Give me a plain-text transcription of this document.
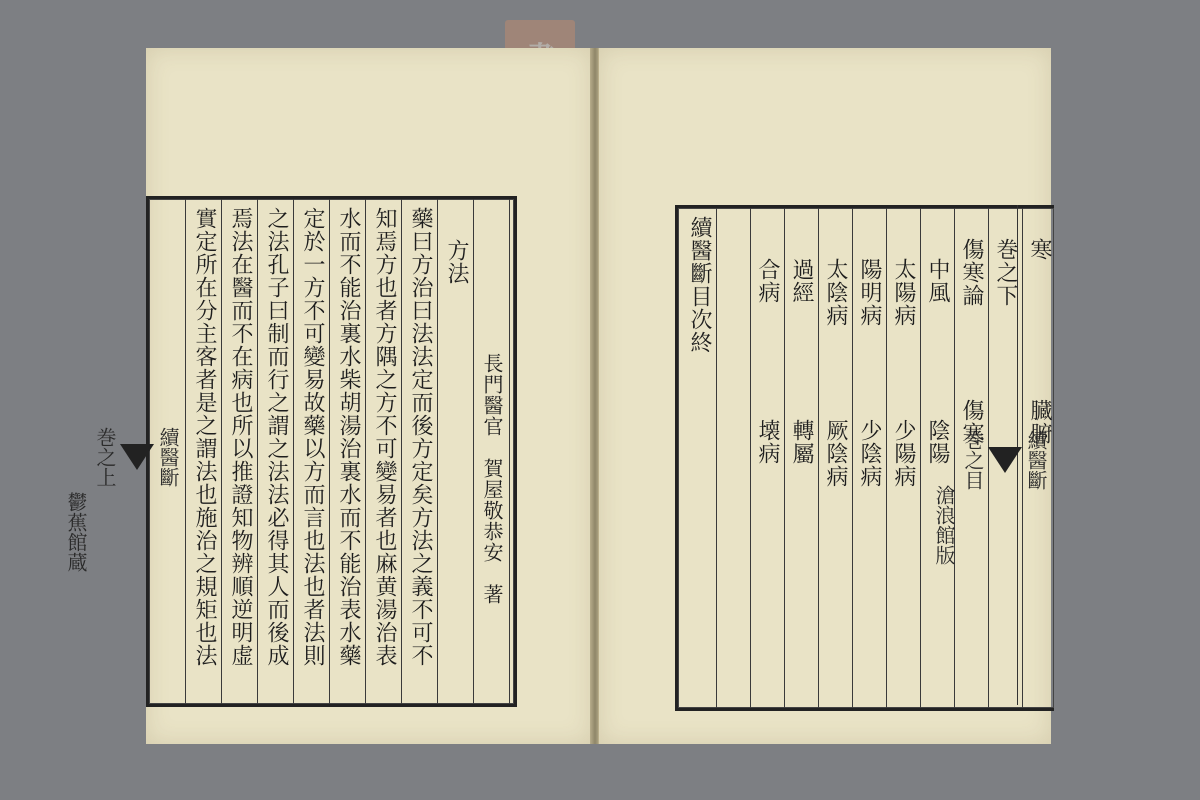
續醫斷
巻之上
鬱蕉館蔵	實定所在分主客者是之謂法也施治之規矩也法 焉法在醫而不在病也所以推證知物辨順逆明虚 之法孔子曰制而行之謂之法法必得其人而後成 定於一方不可變易故藥以方而言也法也者法則 水而不能治裏水柴胡湯治裏水而不能治表水藥 知焉方也者方隅之方不可變易者也麻黄湯治表 藥曰方治曰法法定而後方定矣方法之義不可不 方法
長門醫官　賀屋敬恭安　著
續醫斷目次終 合病　　　　　壊病 過經　　　　　轉屬 太陰病　　　　厥陰病 陽明病　　　　少陰病 太陽病　　　　少陽病 中風　　　　　陰陽 傷寒論　　　　傷寒 巻之下 寒　　　　　　臓腑
續醫斷
巻之目
滄浪館版
